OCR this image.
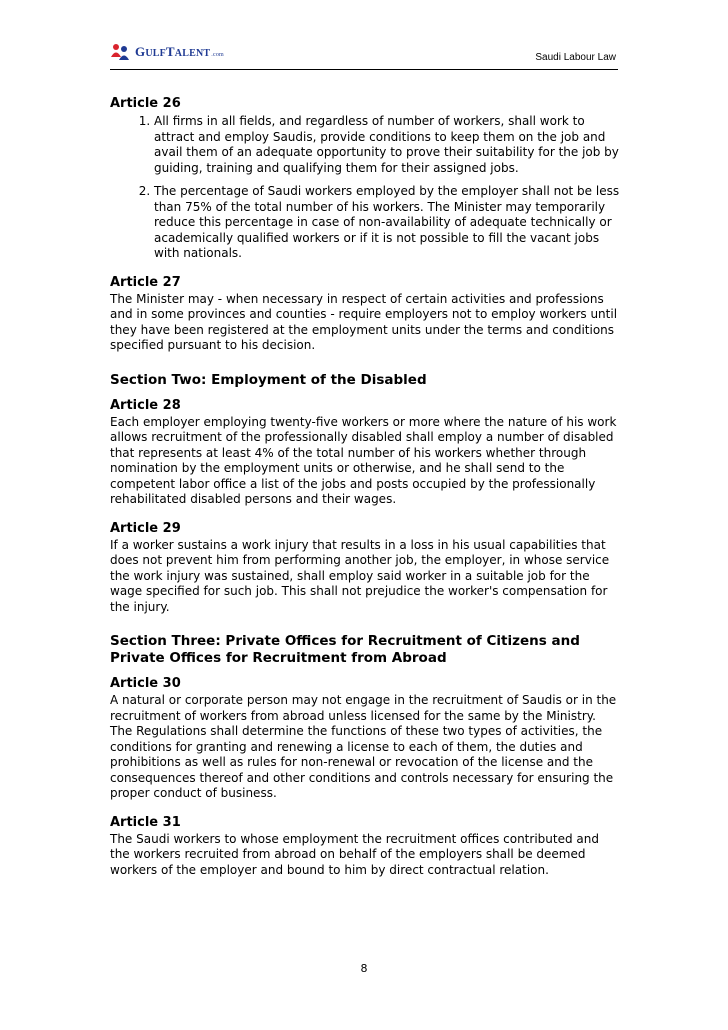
GULFTALENT.com	Saudi Labour Law
Article 26
1. All firms in all fields, and regardless of number of workers, shall work to attract and employ Saudis, provide conditions to keep them on the job and avail them of an adequate opportunity to prove their suitability for the job by guiding, training and qualifying them for their assigned jobs.
2. The percentage of Saudi workers employed by the employer shall not be less than 75% of the total number of his workers. The Minister may temporarily reduce this percentage in case of non-availability of adequate technically or academically qualified workers or if it is not possible to fill the vacant jobs with nationals.
Article 27

The Minister may - when necessary in respect of certain activities and professions and in some provinces and counties - require employers not to employ workers until they have been registered at the employment units under the terms and conditions specified pursuant to his decision.

Section Two: Employment of the Disabled
Article 28

Each employer employing twenty-five workers or more where the nature of his work allows recruitment of the professionally disabled shall employ a number of disabled that represents at least 4% of the total number of his workers whether through nomination by the employment units or otherwise, and he shall send to the competent labor office a list of the jobs and posts occupied by the professionally rehabilitated disabled persons and their wages.

Article 29

If a worker sustains a work injury that results in a loss in his usual capabilities that does not prevent him from performing another job, the employer, in whose service the work injury was sustained, shall employ said worker in a suitable job for the wage specified for such job. This shall not prejudice the worker's compensation for the injury.

Section Three: Private Offices for Recruitment of Citizens and Private Offices for Recruitment from Abroad
Article 30

A natural or corporate person may not engage in the recruitment of Saudis or in the recruitment of workers from abroad unless licensed for the same by the Ministry. The Regulations shall determine the functions of these two types of activities, the conditions for granting and renewing a license to each of them, the duties and prohibitions as well as rules for non-renewal or revocation of the license and the consequences thereof and other conditions and controls necessary for ensuring the proper conduct of business.

Article 31

The Saudi workers to whose employment the recruitment offices contributed and the workers recruited from abroad on behalf of the employers shall be deemed workers of the employer and bound to him by direct contractual relation.

8
